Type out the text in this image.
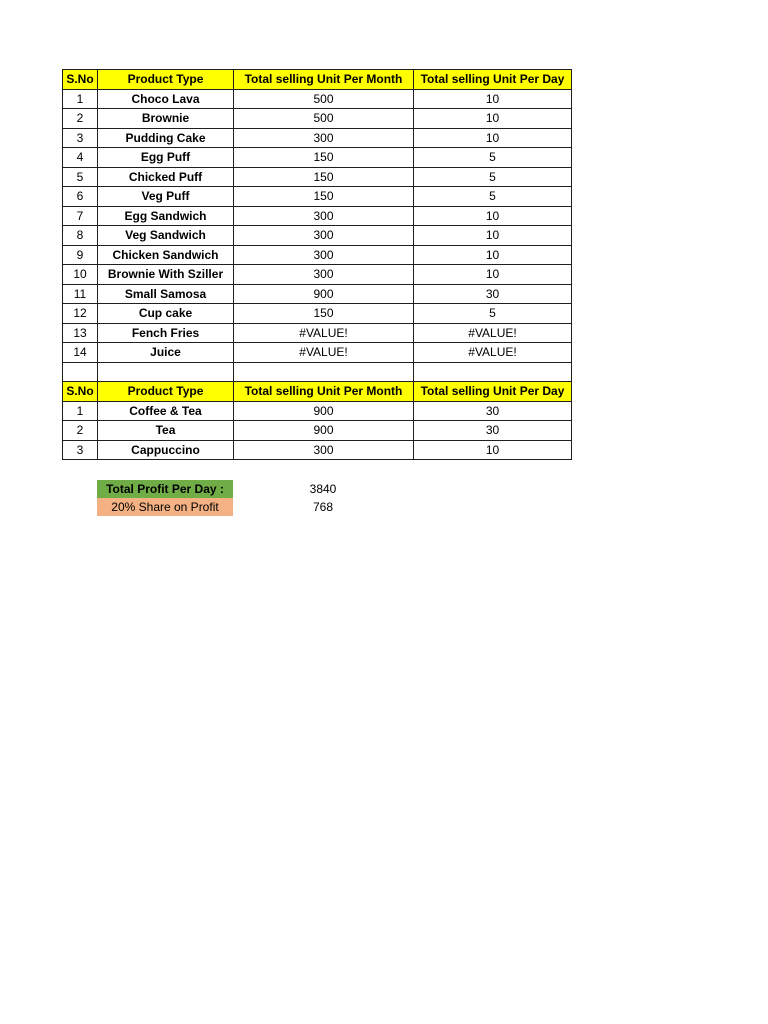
S.No	Product Type	Total selling Unit Per Month	Total selling Unit Per Day
1	Choco Lava	500	10
2	Brownie	500	10
3	Pudding Cake	300	10
4	Egg Puff	150	5
5	Chicked Puff	150	5
6	Veg Puff	150	5
7	Egg Sandwich	300	10
8	Veg Sandwich	300	10
9	Chicken Sandwich	300	10
10	Brownie With Sziller	300	10
11	Small Samosa	900	30
12	Cup cake	150	5
13	Fench Fries	#VALUE!	#VALUE!
14	Juice	#VALUE!	#VALUE!

S.No	Product Type	Total selling Unit Per Month	Total selling Unit Per Day
1	Coffee & Tea	900	30
2	Tea	900	30
3	Cappuccino	300	10
Total Profit Per Day :	3840
20% Share on Profit	768
